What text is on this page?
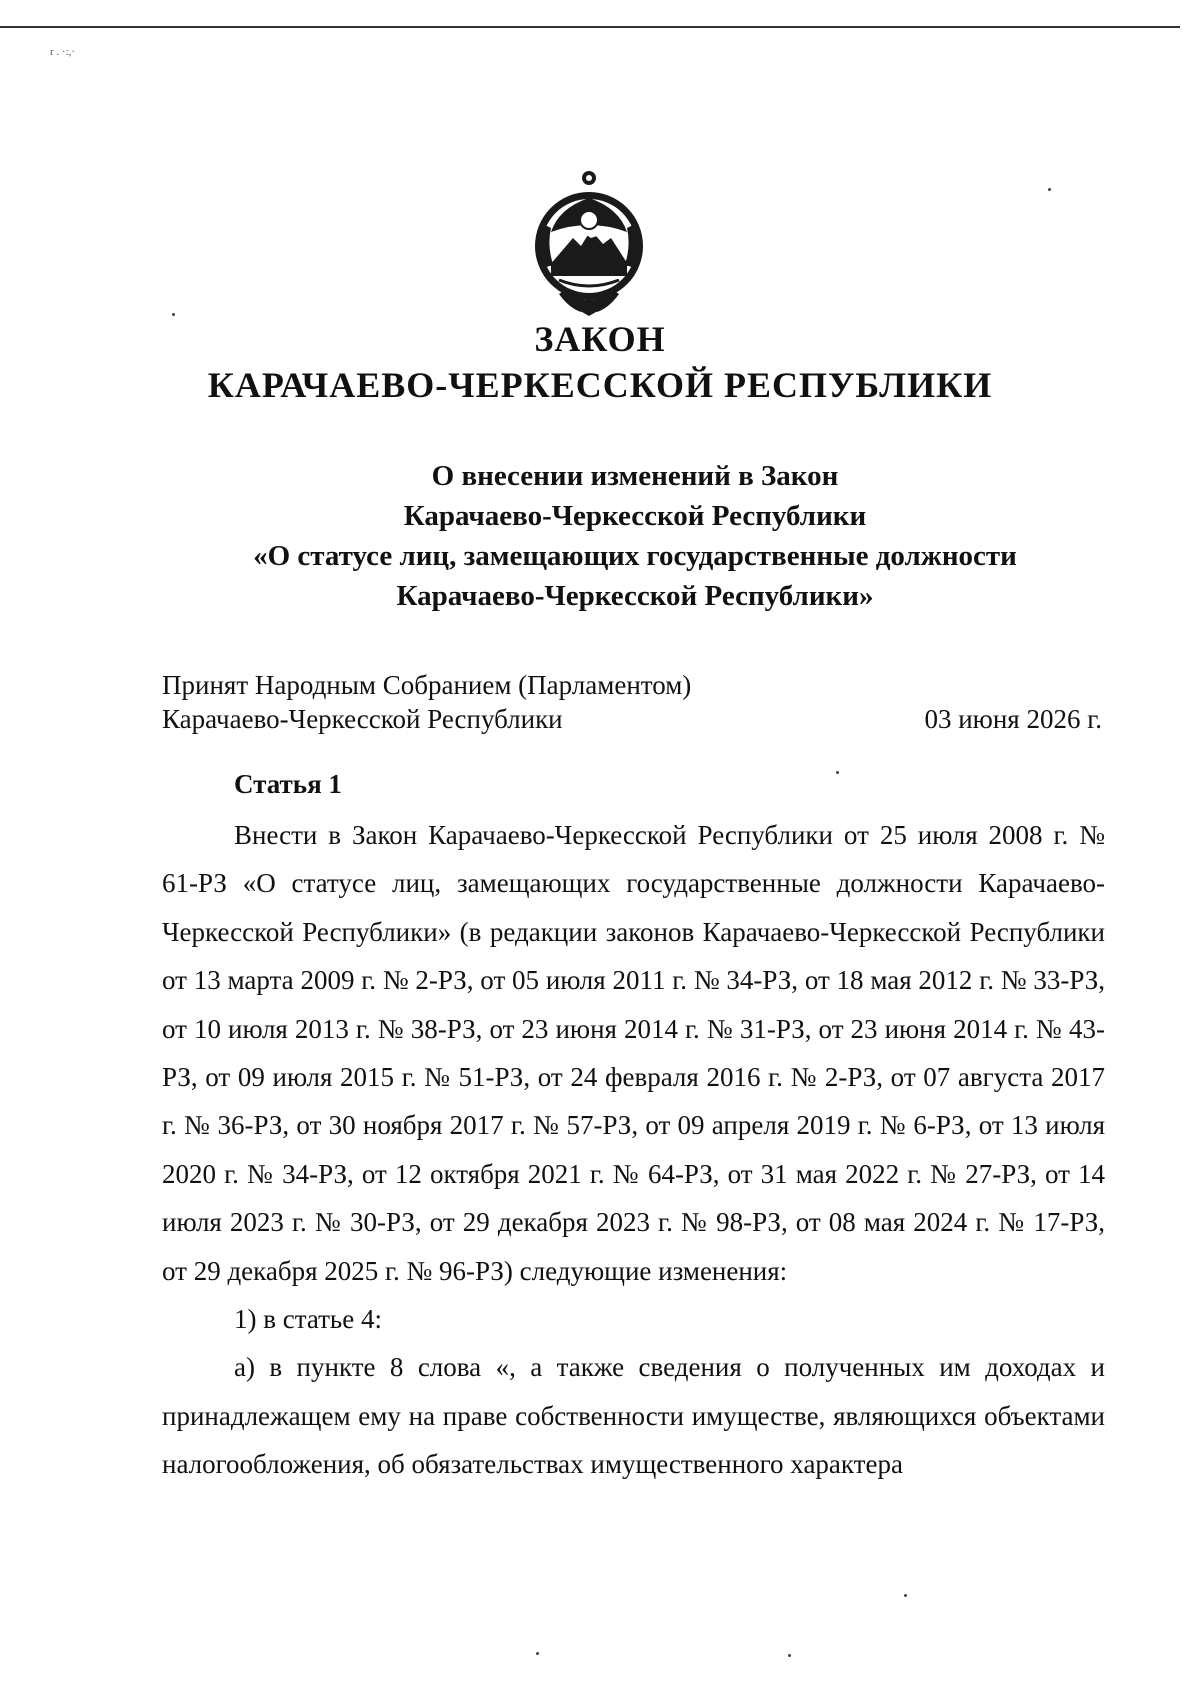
r . ·:,·
ЗАКОН
КАРАЧАЕВО-ЧЕРКЕССКОЙ РЕСПУБЛИКИ
О внесении изменений в Закон
Карачаево-Черкесской Республики
«О статусе лиц, замещающих государственные должности
Карачаево-Черкесской Республики»
Принят Народным Собранием (Парламентом)
Карачаево-Черкесской Республики	03 июня 2026 г.
Статья 1

Внести в Закон Карачаево-Черкесской Республики от 25 июля 2008 г. № 61-РЗ «О статусе лиц, замещающих государственные должности Карачаево-Черкесской Республики» (в редакции законов Карачаево-Черкесской Республики от 13 марта 2009 г. № 2-РЗ, от 05 июля 2011 г. № 34-РЗ, от 18 мая 2012 г. № 33-РЗ, от 10 июля 2013 г. № 38-РЗ, от 23 июня 2014 г. № 31-РЗ, от 23 июня 2014 г. № 43-РЗ, от 09 июля 2015 г. № 51-РЗ, от 24 февраля 2016 г. № 2-РЗ, от 07 августа 2017 г. № 36-РЗ, от 30 ноября 2017 г. № 57-РЗ, от 09 апреля 2019 г. № 6-РЗ, от 13 июля 2020 г. № 34-РЗ, от 12 октября 2021 г. № 64-РЗ, от 31 мая 2022 г. № 27-РЗ, от 14 июля 2023 г. № 30-РЗ, от 29 декабря 2023 г. № 98-РЗ, от 08 мая 2024 г. № 17-РЗ, от 29 декабря 2025 г. № 96-РЗ) следующие изменения:

1) в статье 4:

а) в пункте 8 слова «, а также сведения о полученных им доходах и принадлежащем ему на праве собственности имуществе, являющихся объектами налогообложения, об обязательствах имущественного характера
